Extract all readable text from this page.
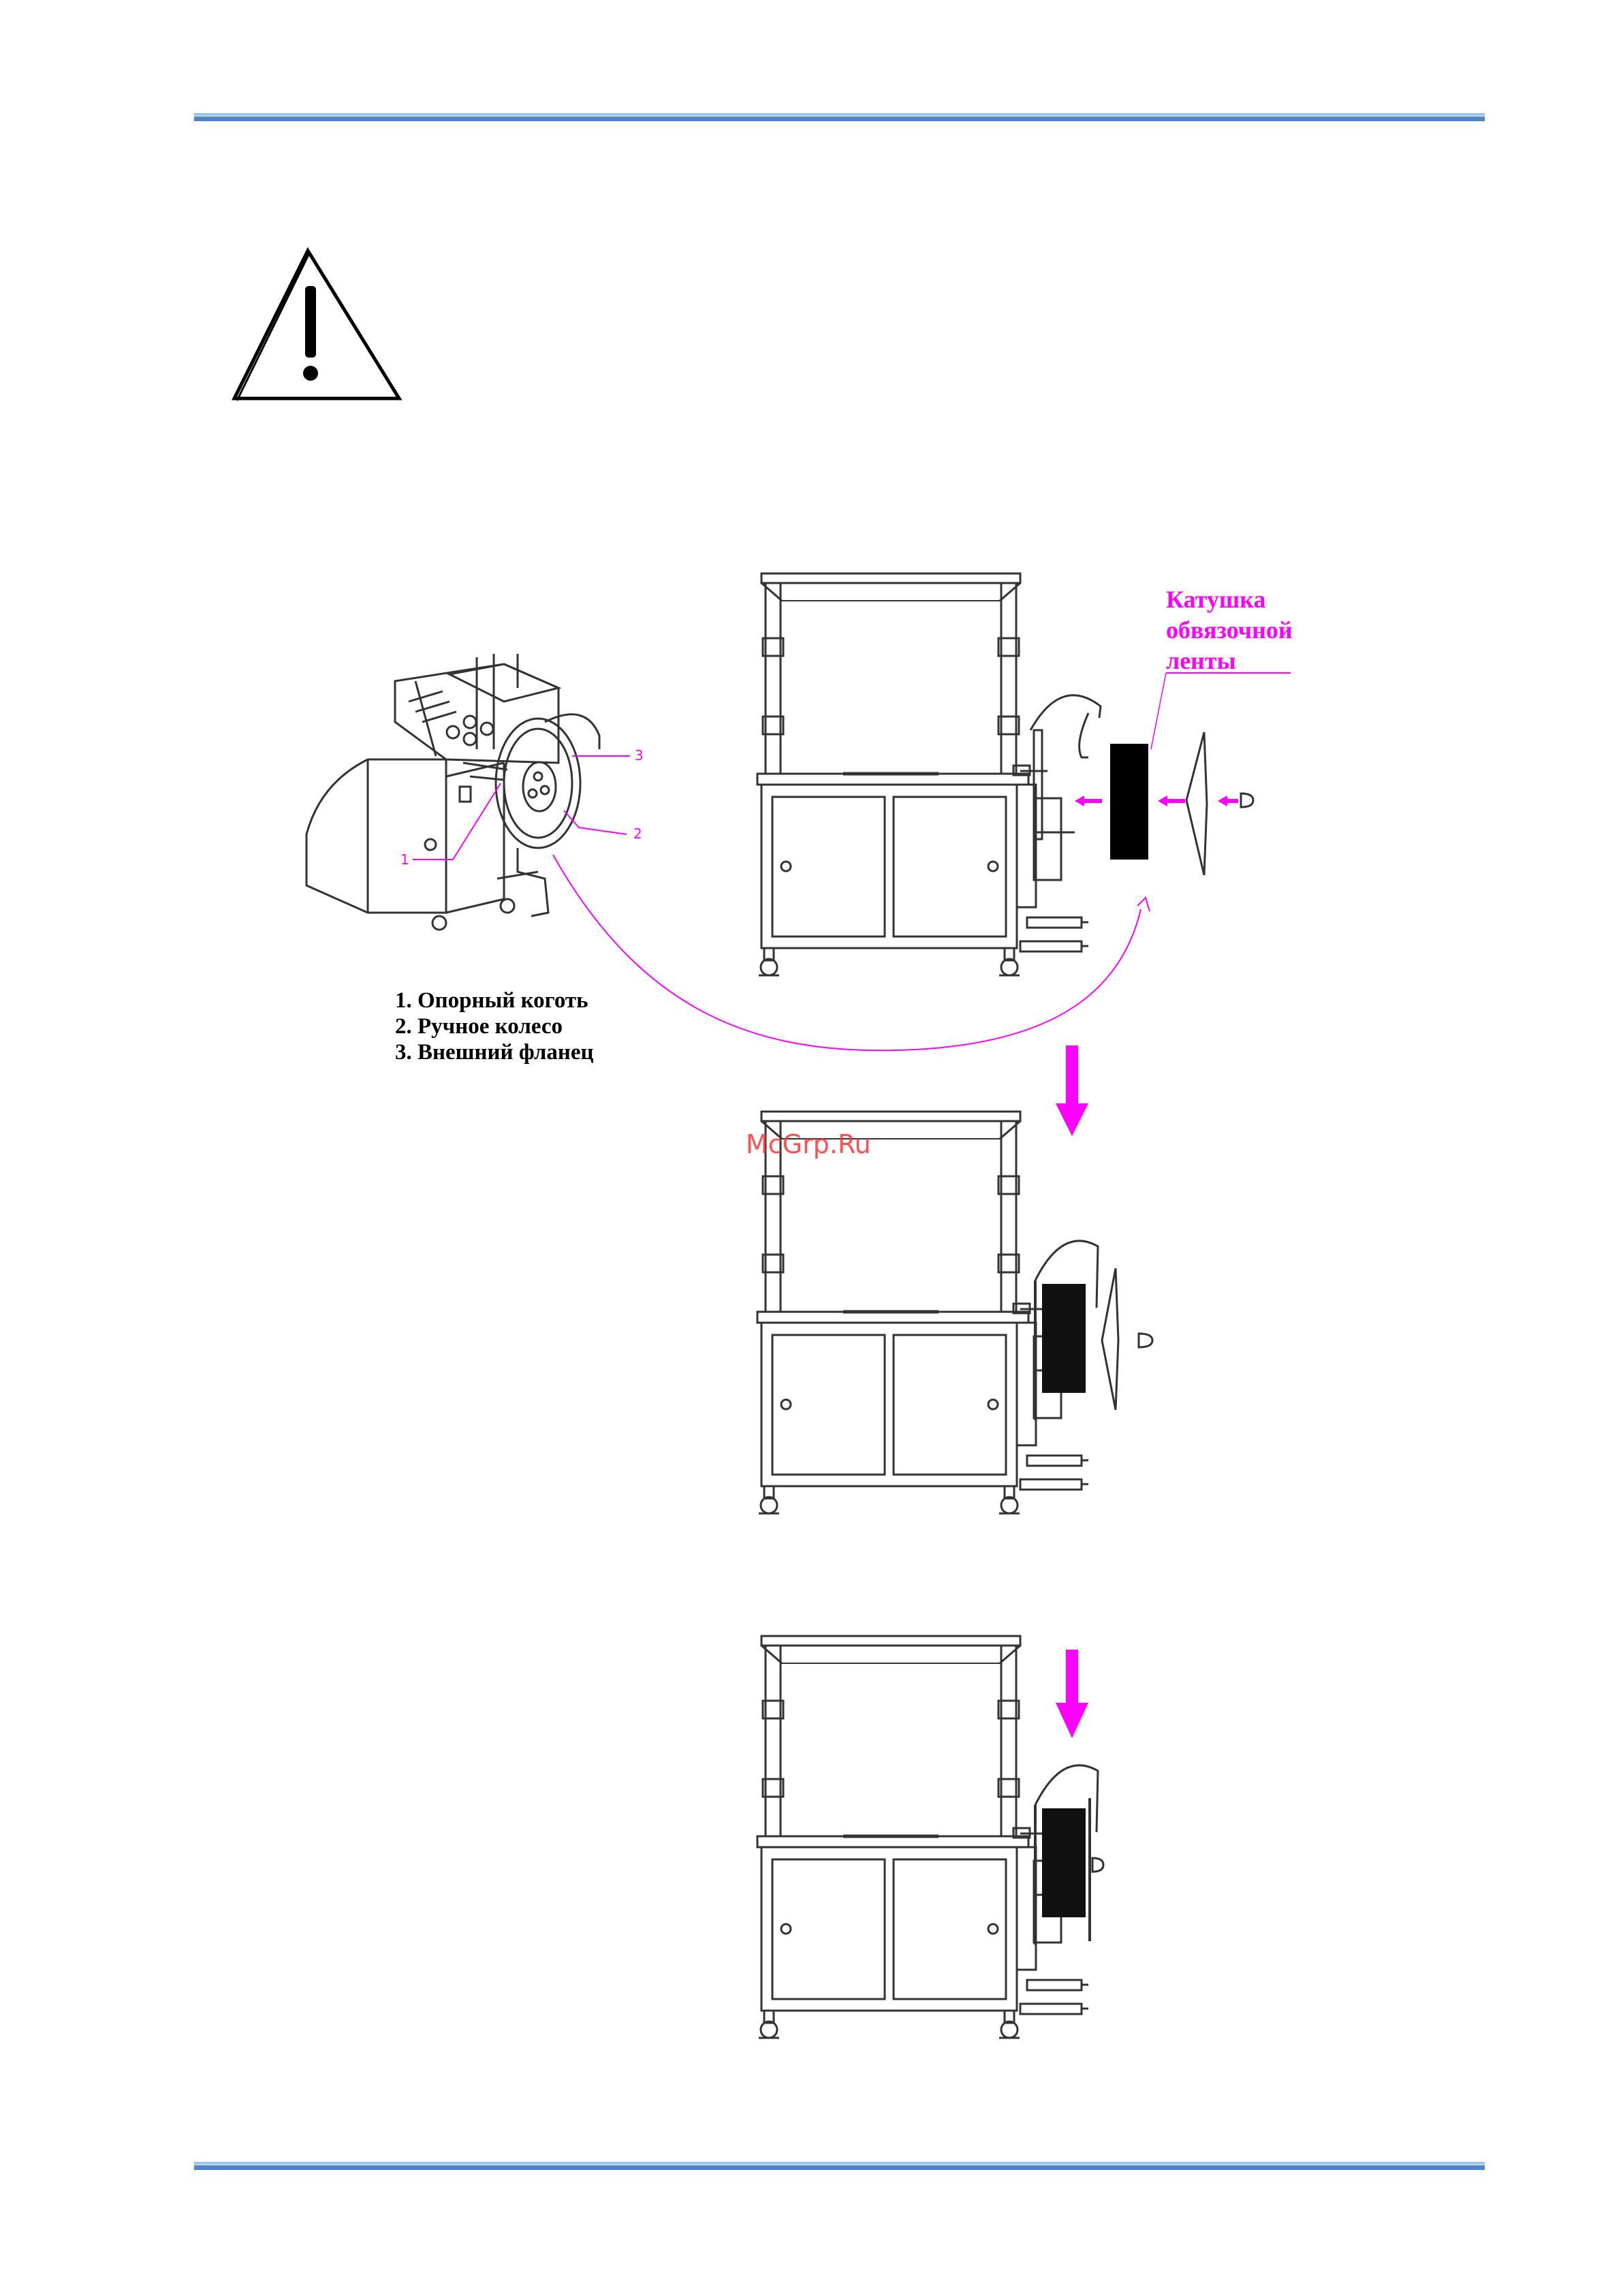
1
2
3
1. Опорный коготь
2. Ручное колесо
3. Внешний фланец
Катушка
обвязочной
ленты
McGrp.Ru
